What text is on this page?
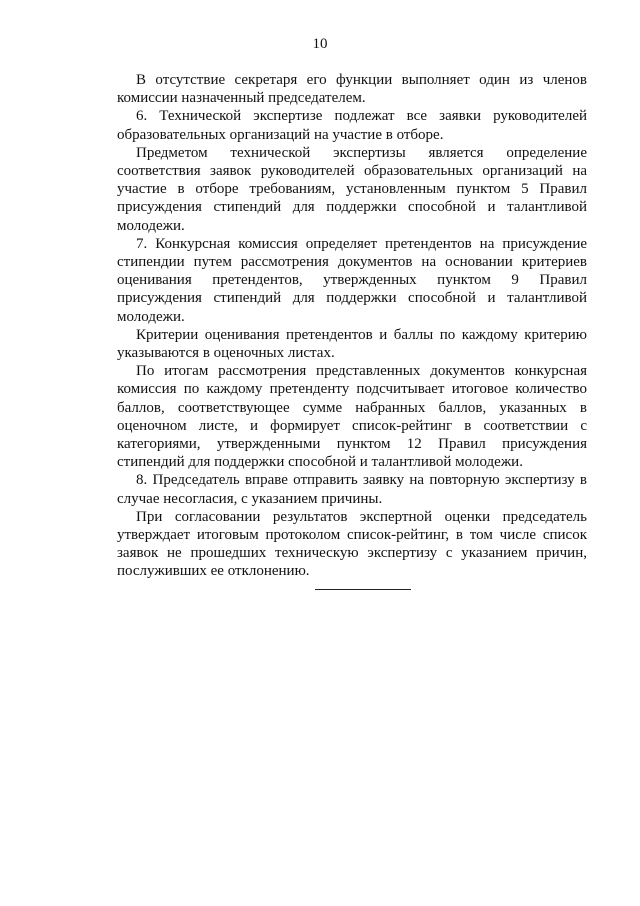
10

В отсутствие секретаря его функции выполняет один из членов комиссии назначенный председателем.

6. Технической экспертизе подлежат все заявки руководителей образовательных организаций на участие в отборе.

Предметом технической экспертизы является определение соответствия заявок руководителей образовательных организаций на участие в отборе требованиям, установленным пунктом 5 Правил присуждения стипендий для поддержки способной и талантливой молодежи.

7. Конкурсная комиссия определяет претендентов на присуждение стипендии путем рассмотрения документов на основании критериев оценивания претендентов, утвержденных пунктом 9 Правил присуждения стипендий для поддержки способной и талантливой молодежи.

Критерии оценивания претендентов и баллы по каждому критерию указываются в оценочных листах.

По итогам рассмотрения представленных документов конкурсная комиссия по каждому претенденту подсчитывает итоговое количество баллов, соответствующее сумме набранных баллов, указанных в оценочном листе, и формирует список-рейтинг в соответствии с категориями, утвержденными пунктом 12 Правил присуждения стипендий для поддержки способной и талантливой молодежи.

8. Председатель вправе отправить заявку на повторную экспертизу в случае несогласия, с указанием причины.

При согласовании результатов экспертной оценки председатель утверждает итоговым протоколом список-рейтинг, в том числе список заявок не прошедших техническую экспертизу с указанием причин, послуживших ее отклонению.
